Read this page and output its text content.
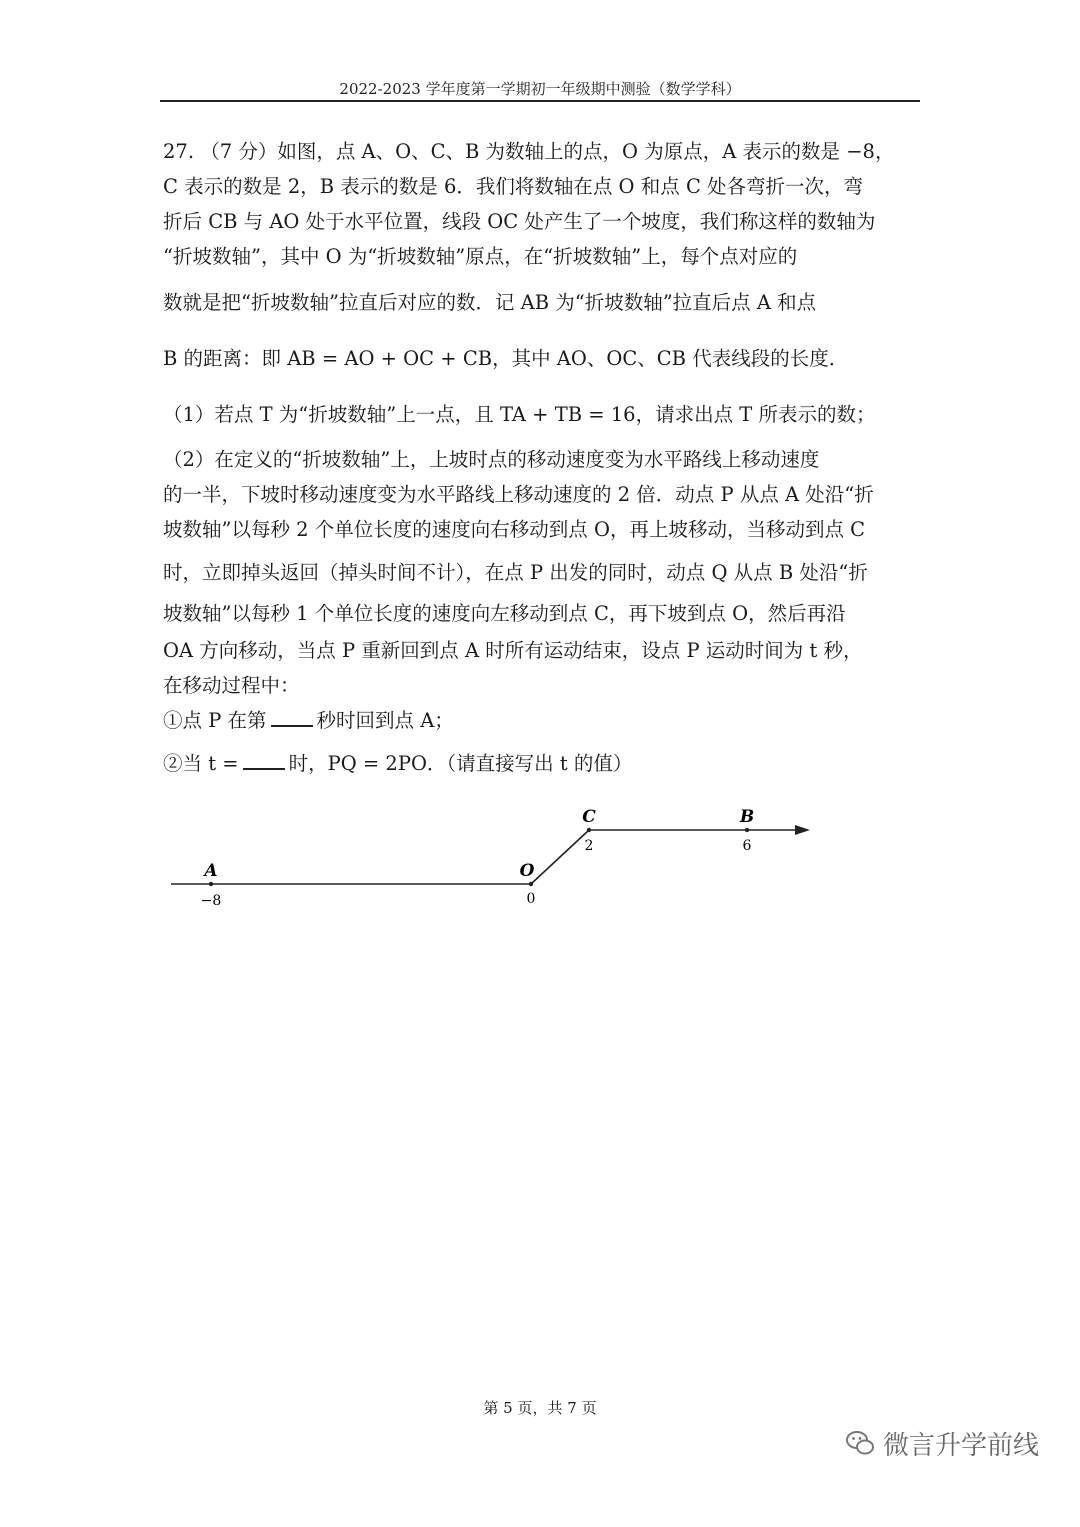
2022-2023 学年度第一学期初一年级期中测验（数学学科）
27. （7 分）如图，点 A、O、C、B 为数轴上的点，O 为原点，A 表示的数是 −8，
C 表示的数是 2，B 表示的数是 6．我们将数轴在点 O 和点 C 处各弯折一次，弯
折后 CB 与 AO 处于水平位置，线段 OC 处产生了一个坡度，我们称这样的数轴为
“折坡数轴”，其中 O 为“折坡数轴”原点，在“折坡数轴”上，每个点对应的
数就是把“折坡数轴”拉直后对应的数．记 AB 为“折坡数轴”拉直后点 A 和点
B 的距离：即 AB = AO + OC + CB，其中 AO、OC、CB 代表线段的长度．
（1）若点 T 为“折坡数轴”上一点，且 TA + TB = 16，请求出点 T 所表示的数；
（2）在定义的“折坡数轴”上，上坡时点的移动速度变为水平路线上移动速度
的一半，下坡时移动速度变为水平路线上移动速度的 2 倍．动点 P 从点 A 处沿“折
坡数轴”以每秒 2 个单位长度的速度向右移动到点 O，再上坡移动，当移动到点 C
时，立即掉头返回（掉头时间不计），在点 P 出发的同时，动点 Q 从点 B 处沿“折
坡数轴”以每秒 1 个单位长度的速度向左移动到点 C，再下坡到点 O，然后再沿
OA 方向移动，当点 P 重新回到点 A 时所有运动结束，设点 P 运动时间为 t 秒，
在移动过程中：
①点 P 在第	秒时回到点 A；
②当 t =	时，PQ = 2PO．（请直接写出 t 的值）
A
−8
O
0
C
2
B
6
第 5 页，共 7 页
微言升学前线
